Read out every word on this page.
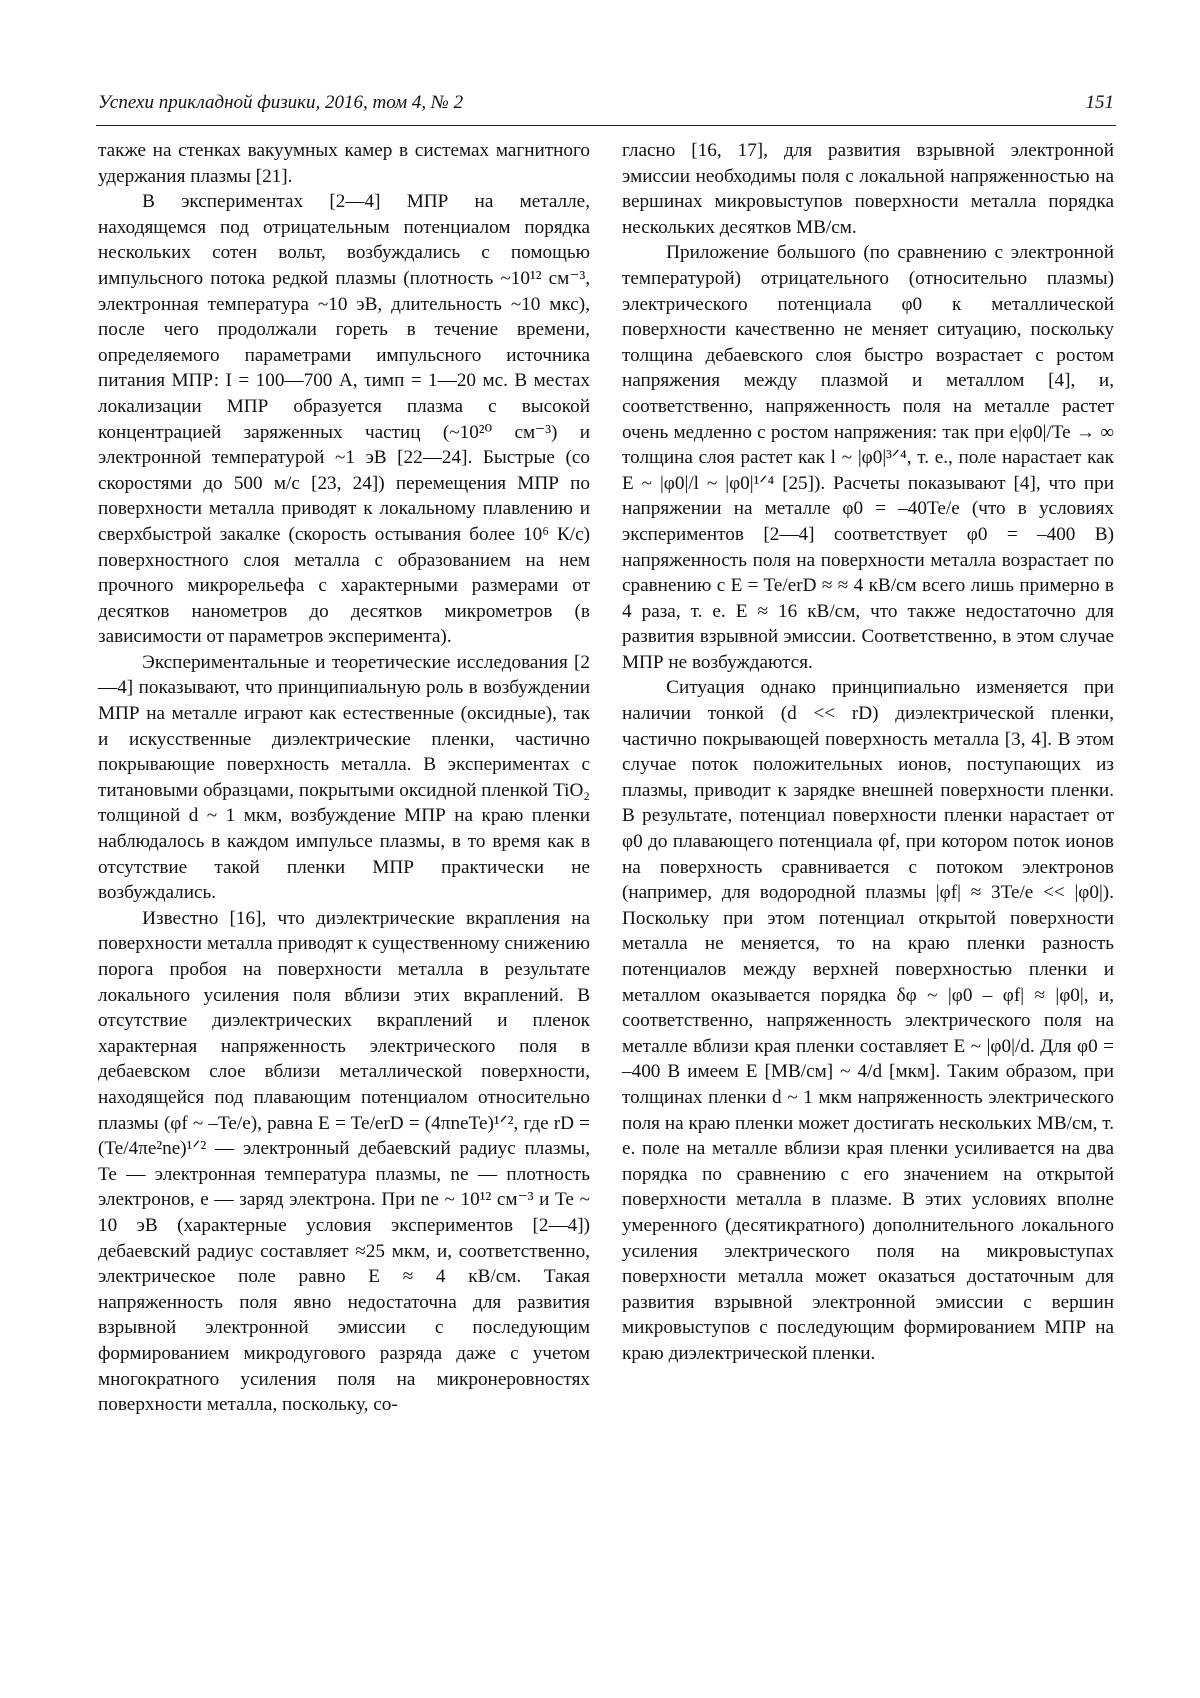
Успехи прикладной физики, 2016, том 4, № 2	151

также на стенках вакуумных камер в системах магнитного удержания плазмы [21].

В экспериментах [2—4] МПР на металле, находящемся под отрицательным потенциалом порядка нескольких сотен вольт, возбуждались с помощью импульсного потока редкой плазмы (плотность ~10¹² см⁻³, электронная температура ~10 эВ, длительность ~10 мкс), после чего продолжали гореть в течение времени, определяемого параметрами импульсного источника питания МПР: I = 100—700 А, τимп = 1—20 мс. В местах локализации МПР образуется плазма с высокой концентрацией заряженных частиц (~10²⁰ см⁻³) и электронной температурой ~1 эВ [22—24]. Быстрые (со скоростями до 500 м/с [23, 24]) перемещения МПР по поверхности металла приводят к локальному плавлению и сверхбыстрой закалке (скорость остывания более 10⁶ К/с) поверхностного слоя металла с образованием на нем прочного микрорельефа с характерными размерами от десятков нанометров до десятков микрометров (в зависимости от параметров эксперимента).

Экспериментальные и теоретические исследования [2—4] показывают, что принципиальную роль в возбуждении МПР на металле играют как естественные (оксидные), так и искусственные диэлектрические пленки, частично покрывающие поверхность металла. В экспериментах с титановыми образцами, покрытыми оксидной пленкой TiO₂ толщиной d ~ 1 мкм, возбуждение МПР на краю пленки наблюдалось в каждом импульсе плазмы, в то время как в отсутствие такой пленки МПР практически не возбуждались.

Известно [16], что диэлектрические вкрапления на поверхности металла приводят к существенному снижению порога пробоя на поверхности металла в результате локального усиления поля вблизи этих вкраплений. В отсутствие диэлектрических вкраплений и пленок характерная напряженность электрического поля в дебаевском слое вблизи металлической поверхности, находящейся под плавающим потенциалом относительно плазмы (φf ~ –Te/e), равна E = Te/erD = (4πneTe)¹ᐟ², где rD = (Te/4πe²ne)¹ᐟ² — электронный дебаевский радиус плазмы, Te — электронная температура плазмы, ne — плотность электронов, e — заряд электрона. При ne ~ 10¹² см⁻³ и Te ~ 10 эВ (характерные условия экспериментов [2—4]) дебаевский радиус составляет ≈25 мкм, и, соответственно, электрическое поле равно E ≈ 4 кВ/см. Такая напряженность поля явно недостаточна для развития взрывной электронной эмиссии с последующим формированием микродугового разряда даже с учетом многократного усиления поля на микронеровностях поверхности металла, поскольку, со-

гласно [16, 17], для развития взрывной электронной эмиссии необходимы поля с локальной напряженностью на вершинах микровыступов поверхности металла порядка нескольких десятков МВ/см.

Приложение большого (по сравнению с электронной температурой) отрицательного (относительно плазмы) электрического потенциала φ0 к металлической поверхности качественно не меняет ситуацию, поскольку толщина дебаевского слоя быстро возрастает с ростом напряжения между плазмой и металлом [4], и, соответственно, напряженность поля на металле растет очень медленно с ростом напряжения: так при e|φ0|/Te → ∞ толщина слоя растет как l ~ |φ0|³ᐟ⁴, т. е., поле нарастает как E ~ |φ0|/l ~ |φ0|¹ᐟ⁴ [25]). Расчеты показывают [4], что при напряжении на металле φ0 = –40Te/e (что в условиях экспериментов [2—4] соответствует φ0 = –400 В) напряженность поля на поверхности металла возрастает по сравнению с E = Te/erD ≈ ≈ 4 кВ/см всего лишь примерно в 4 раза, т. е. E ≈ 16 кВ/см, что также недостаточно для развития взрывной эмиссии. Соответственно, в этом случае МПР не возбуждаются.

Ситуация однако принципиально изменяется при наличии тонкой (d << rD) диэлектрической пленки, частично покрывающей поверхность металла [3, 4]. В этом случае поток положительных ионов, поступающих из плазмы, приводит к зарядке внешней поверхности пленки. В результате, потенциал поверхности пленки нарастает от φ0 до плавающего потенциала φf, при котором поток ионов на поверхность сравнивается с потоком электронов (например, для водородной плазмы |φf| ≈ 3Te/e << |φ0|). Поскольку при этом потенциал открытой поверхности металла не меняется, то на краю пленки разность потенциалов между верхней поверхностью пленки и металлом оказывается порядка δφ ~ |φ0 – φf| ≈ |φ0|, и, соответственно, напряженность электрического поля на металле вблизи края пленки составляет E ~ |φ0|/d. Для φ0 = –400 В имеем E [МВ/см] ~ 4/d [мкм]. Таким образом, при толщинах пленки d ~ 1 мкм напряженность электрического поля на краю пленки может достигать нескольких МВ/см, т. е. поле на металле вблизи края пленки усиливается на два порядка по сравнению с его значением на открытой поверхности металла в плазме. В этих условиях вполне умеренного (десятикратного) дополнительного локального усиления электрического поля на микровыступах поверхности металла может оказаться достаточным для развития взрывной электронной эмиссии с вершин микровыступов с последующим формированием МПР на краю диэлектрической пленки.
